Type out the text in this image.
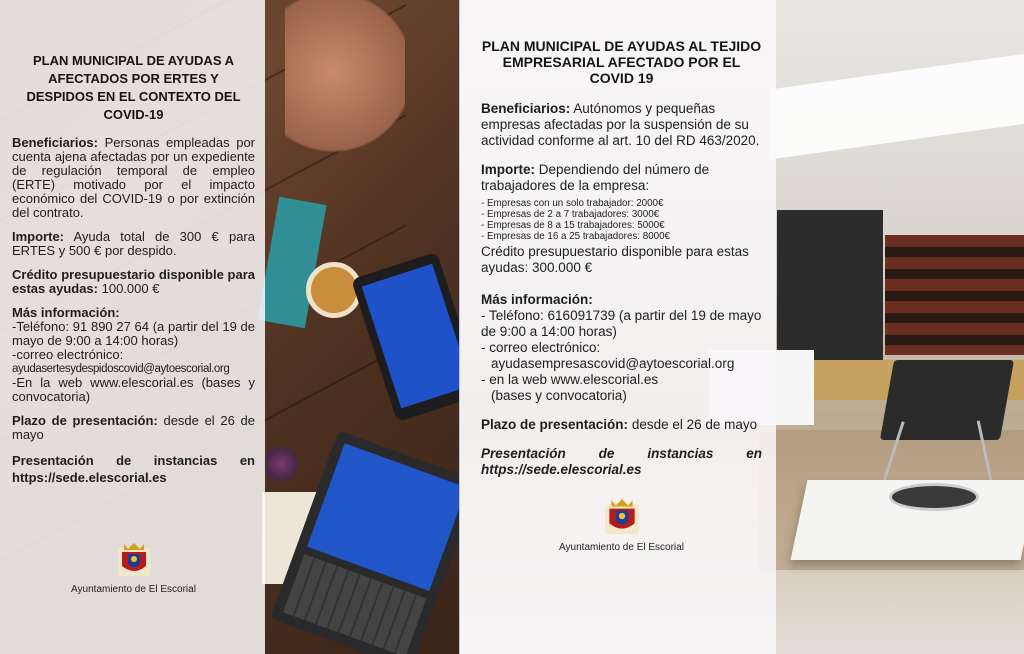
PLAN MUNICIPAL DE AYUDAS A AFECTADOS POR ERTES Y DESPIDOS EN EL CONTEXTO DEL COVID-19

Beneficiarios: Personas empleadas por cuenta ajena afectadas por un expediente de regulación temporal de empleo (ERTE) motivado por el impacto económico del COVID-19 o por extinción del contrato.

Importe: Ayuda total de 300 € para ERTES y 500 € por despido.

Crédito presupuestario disponible para estas ayudas: 100.000 €

Más información:
-Teléfono: 91 890 27 64 (a partir del 19 de mayo de 9:00 a 14:00 horas)
-correo electrónico:
ayudasertesydespidoscovid@aytoescorial.org
-En la web www.elescorial.es (bases y convocatoria)

Plazo de presentación: desde el 26 de mayo

Presentación de instancias en https://sede.elescorial.es

Ayuntamiento de El Escorial
PLAN MUNICIPAL DE AYUDAS AL TEJIDO EMPRESARIAL AFECTADO POR EL COVID 19

Beneficiarios: Autónomos y pequeñas empresas afectadas por la suspensión de su actividad conforme al art. 10 del RD 463/2020.

Importe: Dependiendo del número de trabajadores de la empresa:

- Empresas con un solo trabajador: 2000€
- Empresas de 2 a 7 trabajadores: 3000€
- Empresas de 8 a 15 trabajadores: 5000€
- Empresas de 16 a 25 trabajadores: 8000€

Crédito presupuestario disponible para estas ayudas: 300.000 €

Más información:
- Teléfono: 616091739 (a partir del 19 de mayo de 9:00 a 14:00 horas)
- correo electrónico:
ayudasempresascovid@aytoescorial.org
- en la web www.elescorial.es
(bases y convocatoria)

Plazo de presentación: desde el 26 de mayo

Presentación de instancias en https://sede.elescorial.es

Ayuntamiento de El Escorial
